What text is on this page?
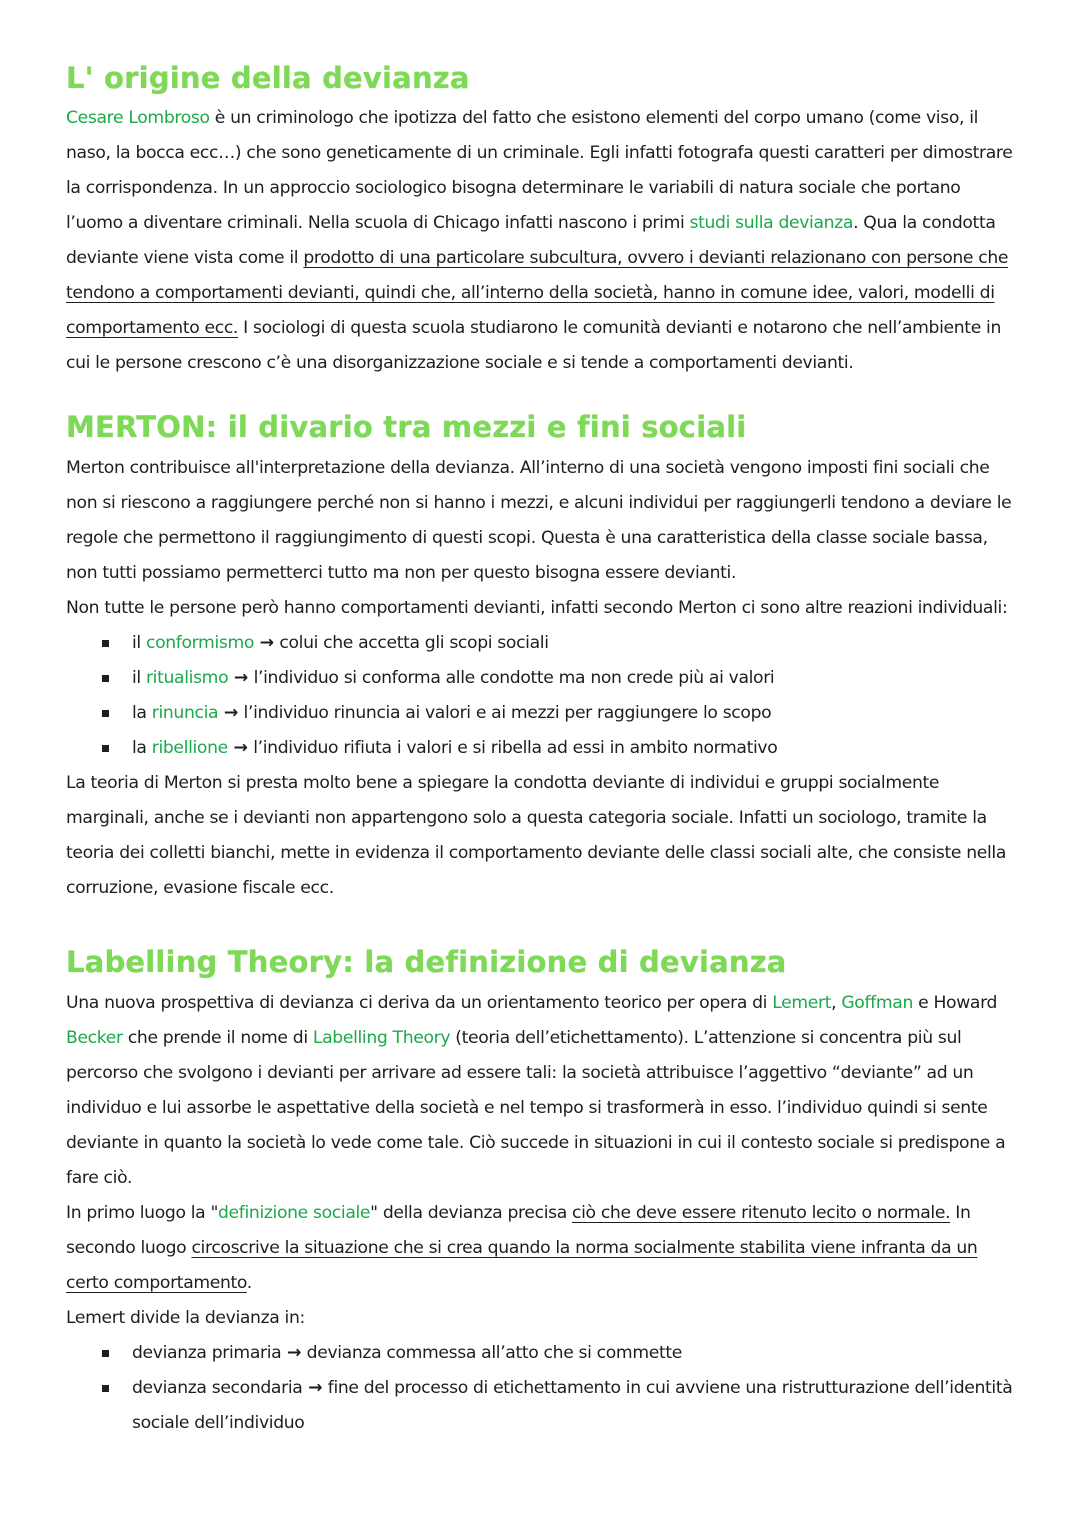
L' origine della devianza

Cesare Lombroso è un criminologo che ipotizza del fatto che esistono elementi del corpo umano (come viso, il naso, la bocca ecc…) che sono geneticamente di un criminale. Egli infatti fotografa questi caratteri per dimostrare la corrispondenza. In un approccio sociologico bisogna determinare le variabili di natura sociale che portano l’uomo a diventare criminali. Nella scuola di Chicago infatti nascono i primi studi sulla devianza. Qua la condotta deviante viene vista come il prodotto di una particolare subcultura, ovvero i devianti relazionano con persone che tendono a comportamenti devianti, quindi che, all’interno della società, hanno in comune idee, valori, modelli di comportamento ecc. I sociologi di questa scuola studiarono le comunità devianti e notarono che nell’ambiente in cui le persone crescono c’è una disorganizzazione sociale e si tende a comportamenti devianti.

MERTON: il divario tra mezzi e fini sociali

Merton contribuisce all'interpretazione della devianza. All’interno di una società vengono imposti fini sociali che non si riescono a raggiungere perché non si hanno i mezzi, e alcuni individui per raggiungerli tendono a deviare le regole che permettono il raggiungimento di questi scopi. Questa è una caratteristica della classe sociale bassa, non tutti possiamo permetterci tutto ma non per questo bisogna essere devianti.

Non tutte le persone però hanno comportamenti devianti, infatti secondo Merton ci sono altre reazioni individuali:

il conformismo → colui che accetta gli scopi sociali
il ritualismo → l’individuo si conforma alle condotte ma non crede più ai valori
la rinuncia → l’individuo rinuncia ai valori e ai mezzi per raggiungere lo scopo
la ribellione → l’individuo rifiuta i valori e si ribella ad essi in ambito normativo

La teoria di Merton si presta molto bene a spiegare la condotta deviante di individui e gruppi socialmente marginali, anche se i devianti non appartengono solo a questa categoria sociale. Infatti un sociologo, tramite la teoria dei colletti bianchi, mette in evidenza il comportamento deviante delle classi sociali alte, che consiste nella corruzione, evasione fiscale ecc.

Labelling Theory: la definizione di devianza

Una nuova prospettiva di devianza ci deriva da un orientamento teorico per opera di Lemert, Goffman e Howard Becker che prende il nome di Labelling Theory (teoria dell’etichettamento). L’attenzione si concentra più sul percorso che svolgono i devianti per arrivare ad essere tali: la società attribuisce l’aggettivo “deviante” ad un individuo e lui assorbe le aspettative della società e nel tempo si trasformerà in esso. l’individuo quindi si sente deviante in quanto la società lo vede come tale. Ciò succede in situazioni in cui il contesto sociale si predispone a fare ciò.

In primo luogo la "definizione sociale" della devianza precisa ciò che deve essere ritenuto lecito o normale. In secondo luogo circoscrive la situazione che si crea quando la norma socialmente stabilita viene infranta da un certo comportamento.

Lemert divide la devianza in:

devianza primaria → devianza commessa all’atto che si commette
devianza secondaria → fine del processo di etichettamento in cui avviene una ristrutturazione dell’identità sociale dell’individuo
